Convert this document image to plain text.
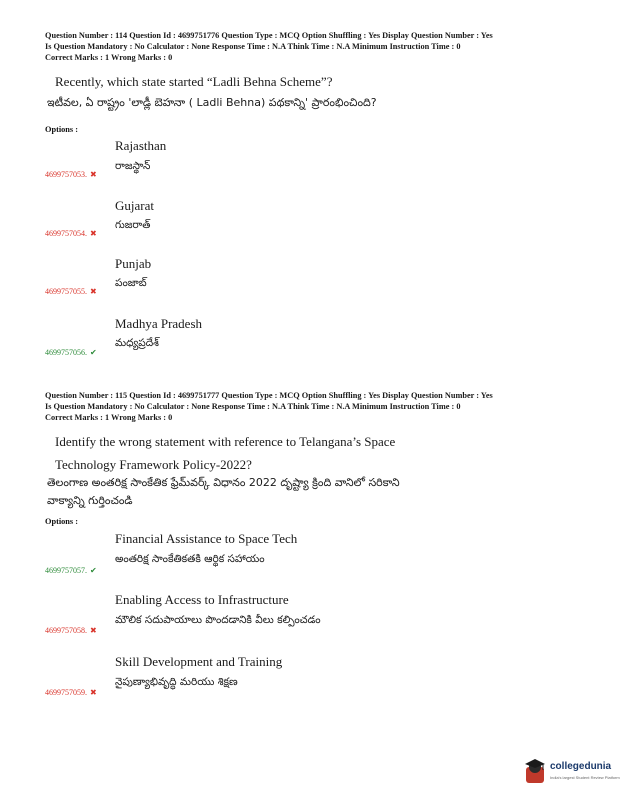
Question Number : 114 Question Id : 4699751776 Question Type : MCQ Option Shuffling : Yes Display Question Number : Yes
Is Question Mandatory : No Calculator : None Response Time : N.A Think Time : N.A Minimum Instruction Time : 0
Correct Marks : 1 Wrong Marks : 0
Recently, which state started “Ladli Behna Scheme”?
ఇటీవల, ఏ రాష్ట్రం 'లాడ్లీ బెహనా ( Ladli Behna) పథకాన్ని' ప్రారంభించింది?
Options :
Rajasthan
రాజస్థాన్
4699757053. ✖
Gujarat
గుజరాత్
4699757054. ✖
Punjab
పంజాబ్
4699757055. ✖
Madhya Pradesh
మధ్యప్రదేశ్
4699757056. ✔
Question Number : 115 Question Id : 4699751777 Question Type : MCQ Option Shuffling : Yes Display Question Number : Yes
Is Question Mandatory : No Calculator : None Response Time : N.A Think Time : N.A Minimum Instruction Time : 0
Correct Marks : 1 Wrong Marks : 0
Identify the wrong statement with reference to Telangana’s Space
Technology Framework Policy-2022?
తెలంగాణ అంతరిక్ష సాంకేతిక ఫ్రేమ్‌వర్క్ విధానం 2022 దృష్ట్యా క్రింది వానిలో సరికాని
వాక్యాన్ని గుర్తించండి
Options :
Financial Assistance to Space Tech
అంతరిక్ష సాంకేతికతకి ఆర్థిక సహాయం
4699757057. ✔
Enabling Access to Infrastructure
మౌలిక సదుపాయాలు పొందడానికి వీలు కల్పించడం
4699757058. ✖
Skill Development and Training
నైపుణ్యాభివృద్ధి మరియు శిక్షణ
4699757059. ✖
collegedunia
India's largest Student Review Platform
